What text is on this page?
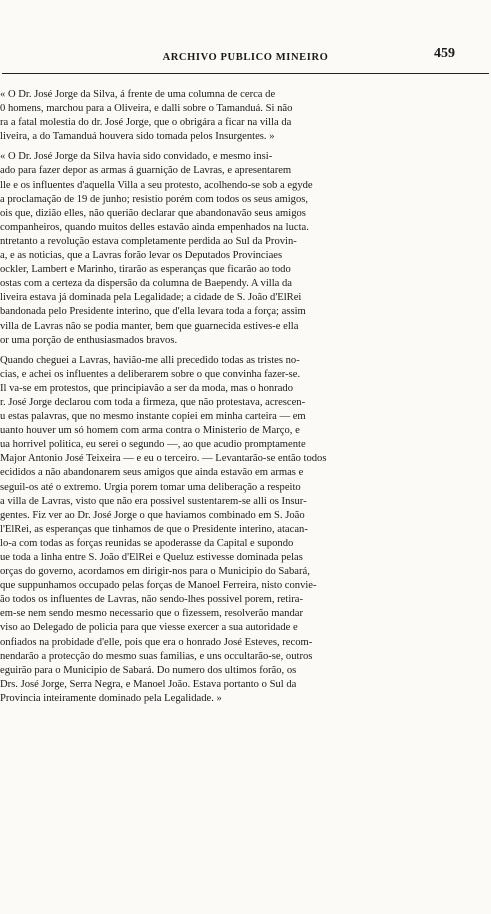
ARCHIVO PUBLICO MINEIRO	459
« O Dr. José Jorge da Silva, á frente de uma columna de cerca de
0 homens, marchou para a Oliveira, e dalli sobre o Tamanduá. Si não
ra a fatal molestia do dr. José Jorge, que o obrigára a ficar na villa da
liveira, a do Tamanduá houvera sido tomada pelos Insurgentes. »
« O Dr. José Jorge da Silva havia sido convidado, e mesmo insi-
ado para fazer depor as armas á guarnição de Lavras, e apresentarem
lle e os influentes d'aquella Villa a seu protesto, acolhendo-se sob a egyde
a proclamação de 19 de junho; resistio porém com todos os seus amigos,
ois que, dizião elles, não querião declarar que abandonavão seus amigos
companheiros, quando muitos delles estavão ainda empenhados na lucta.
ntretanto a revolução estava completamente perdida ao Sul da Provin-
a, e as noticias, que a Lavras forão levar os Deputados Provinciaes
ockler, Lambert e Marinho, tirarão as esperanças que ficarão ao todo
ostas com a certeza da dispersão da columna de Baependy. A villa da
liveira estava já dominada pela Legalidade; a cidade de S. João d'ElRei
bandonada pelo Presidente interino, que d'ella levara toda a força; assim
villa de Lavras não se podia manter, bem que guarnecida estives-e ella
or uma porção de enthusiasmados bravos.
Quando cheguei a Lavras, havião-me alli precedido todas as tristes no-
cias, e achei os influentes a deliberarem sobre o que convinha fazer-se.
Il va-se em protestos, que principiavão a ser da moda, mas o honrado
r. José Jorge declarou com toda a firmeza, que não protestava, acrescen-
u estas palavras, que no mesmo instante copiei em minha carteira — em
uanto houver um só homem com arma contra o Ministerio de Março, e
ua horrivel politica, eu serei o segundo —, ao que acudio promptamente
Major Antonio José Teixeira — e eu o terceiro. — Levantarão-se então todos
ecididos a não abandonarem seus amigos que ainda estavão em armas e
seguil-os até o extremo. Urgia porem tomar uma deliberação a respeito
a villa de Lavras, visto que não era possivel sustentarem-se alli os Insur-
gentes. Fiz ver ao Dr. José Jorge o que haviamos combinado em S. João
l'ElRei, as esperanças que tinhamos de que o Presidente interino, atacan-
lo-a com todas as forças reunidas se apoderasse da Capital e supondo
ue toda a linha entre S. João d'ElRei e Queluz estivesse dominada pelas
orças do governo, acordamos em dirigir-nos para o Municipio do Sabará,
que suppunhamos occupado pelas forças de Manoel Ferreira, nisto convie-
ão todos os influentes de Lavras, não sendo-lhes possivel porem, retira-
em-se nem sendo mesmo necessario que o fizessem, resolverão mandar
viso ao Delegado de policia para que viesse exercer a sua autoridade e
onfiados na probidade d'elle, pois que era o honrado José Esteves, recom-
nendarão a protecção do mesmo suas familias, e uns occultarão-se, outros
eguirão para o Municipio de Sabará. Do numero dos ultimos forão, os
Drs. José Jorge, Serra Negra, e Manoel João. Estava portanto o Sul da
Provincia inteiramente dominado pela Legalidade. »
